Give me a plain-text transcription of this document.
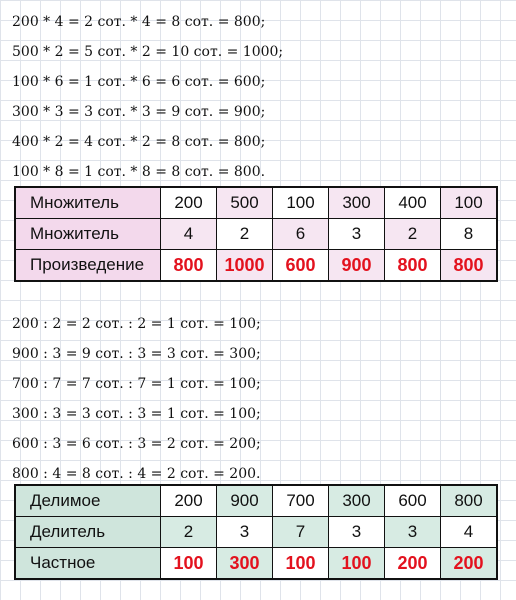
200 * 4 = 2 сот. * 4 = 8 сот. = 800;
500 * 2 = 5 сот. * 2 = 10 сот. = 1000;
100 * 6 = 1 сот. * 6 = 6 сот. = 600;
300 * 3 = 3 сот. * 3 = 9 сот. = 900;
400 * 2 = 4 сот. * 2 = 8 сот. = 800;
100 * 8 = 1 сот. * 8 = 8 сот. = 800.
Множитель	200	500	100	300	400	100
Множитель	4	2	6	3	2	8
Произведение	800	1000	600	900	800	800
200 : 2 = 2 сот. : 2 = 1 сот. = 100;
900 : 3 = 9 сот. : 3 = 3 сот. = 300;
700 : 7 = 7 сот. : 7 = 1 сот. = 100;
300 : 3 = 3 сот. : 3 = 1 сот. = 100;
600 : 3 = 6 сот. : 3 = 2 сот. = 200;
800 : 4 = 8 сот. : 4 = 2 сот. = 200.
Делимое	200	900	700	300	600	800
Делитель	2	3	7	3	3	4
Частное	100	300	100	100	200	200
